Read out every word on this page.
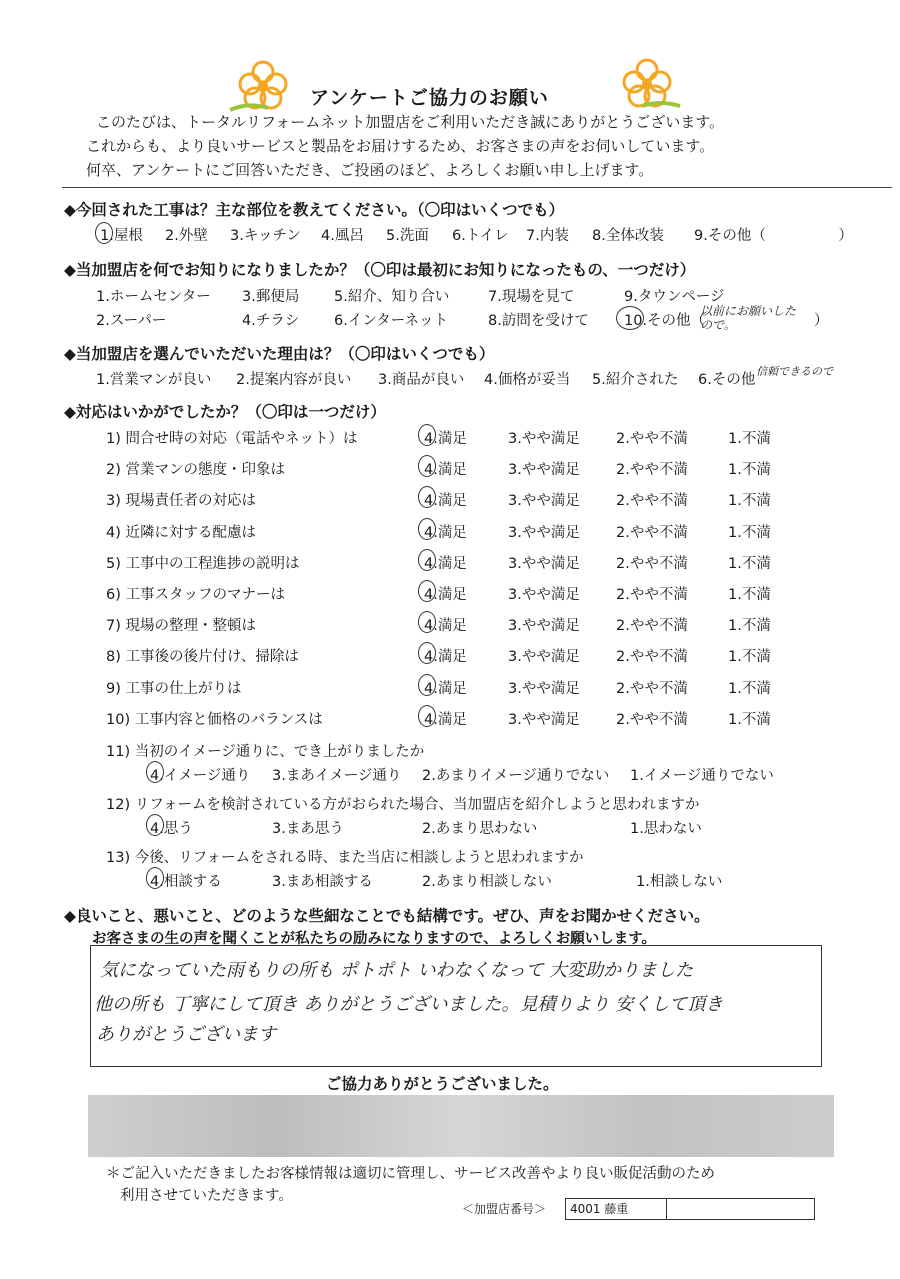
アンケートご協力のお願い
このたびは、トータルリフォームネット加盟店をご利用いただき誠にありがとうございます。
これからも、より良いサービスと製品をお届けするため、お客さまの声をお伺いしています。
何卒、アンケートにご回答いただき、ご投函のほど、よろしくお願い申し上げます。
◆今回された工事は？主な部位を教えてください。（〇印はいくつでも）
1.屋根 2.外壁 3.キッチン 4.風呂 5.洗面 6.トイレ 7.内装 8.全体改装 9.その他（　　　　　）
◆当加盟店を何でお知りになりましたか？（〇印は最初にお知りになったもの、一つだけ）
1.ホームセンター 3.郵便局 5.紹介、知り合い	7.現場を見て	9.タウンページ
2.スーパー	4.チラシ 6.インターネット	8.訪問を受けて 10.その他（
以前にお願いしたので。	）
◆当加盟店を選んでいただいた理由は？（〇印はいくつでも）
1.営業マンが良い 2.提案内容が良い 3.商品が良い 4.価格が妥当 5.紹介された 6.その他
信頼できるので
◆対応はいかがでしたか？（〇印は一つだけ）
1) 問合せ時の対応（電話やネット）は	4.満足	3.やや満足 2.やや不満	1.不満
2) 営業マンの態度・印象は	4.満足	3.やや満足 2.やや不満	1.不満
3) 現場責任者の対応は	4.満足	3.やや満足 2.やや不満	1.不満
4) 近隣に対する配慮は	4.満足	3.やや満足 2.やや不満	1.不満
5) 工事中の工程進捗の説明は	4.満足	3.やや満足 2.やや不満	1.不満
6) 工事スタッフのマナーは	4.満足	3.やや満足 2.やや不満	1.不満
7) 現場の整理・整頓は	4.満足	3.やや満足 2.やや不満	1.不満
8) 工事後の後片付け、掃除は	4.満足	3.やや満足 2.やや不満	1.不満
9) 工事の仕上がりは	4.満足	3.やや満足 2.やや不満	1.不満
10) 工事内容と価格のバランスは	4.満足	3.やや満足 2.やや不満	1.不満
11) 当初のイメージ通りに、でき上がりましたか
4.イメージ通り 3.まあイメージ通り 2.あまりイメージ通りでない 1.イメージ通りでない
12) リフォームを検討されている方がおられた場合、当加盟店を紹介しようと思われますか
4.思う	3.まあ思う	2.あまり思わない	1.思わない
13) 今後、リフォームをされる時、また当店に相談しようと思われますか
4.相談する	3.まあ相談する	2.あまり相談しない	1.相談しない
◆良いこと、悪いこと、どのような些細なことでも結構です。ぜひ、声をお聞かせください。
お客さまの生の声を聞くことが私たちの励みになりますので、よろしくお願いします。
気になっていた雨もりの所も ポトポト いわなくなって 大変助かりました
他の所も 丁寧にして頂き ありがとうございました。見積りより 安くして頂き
ありがとうございます
ご協力ありがとうございました。
＊ご記入いただきましたお客様情報は適切に管理し、サービス改善やより良い販促活動のため
利用させていただきます。
＜加盟店番号＞	4001 藤重
